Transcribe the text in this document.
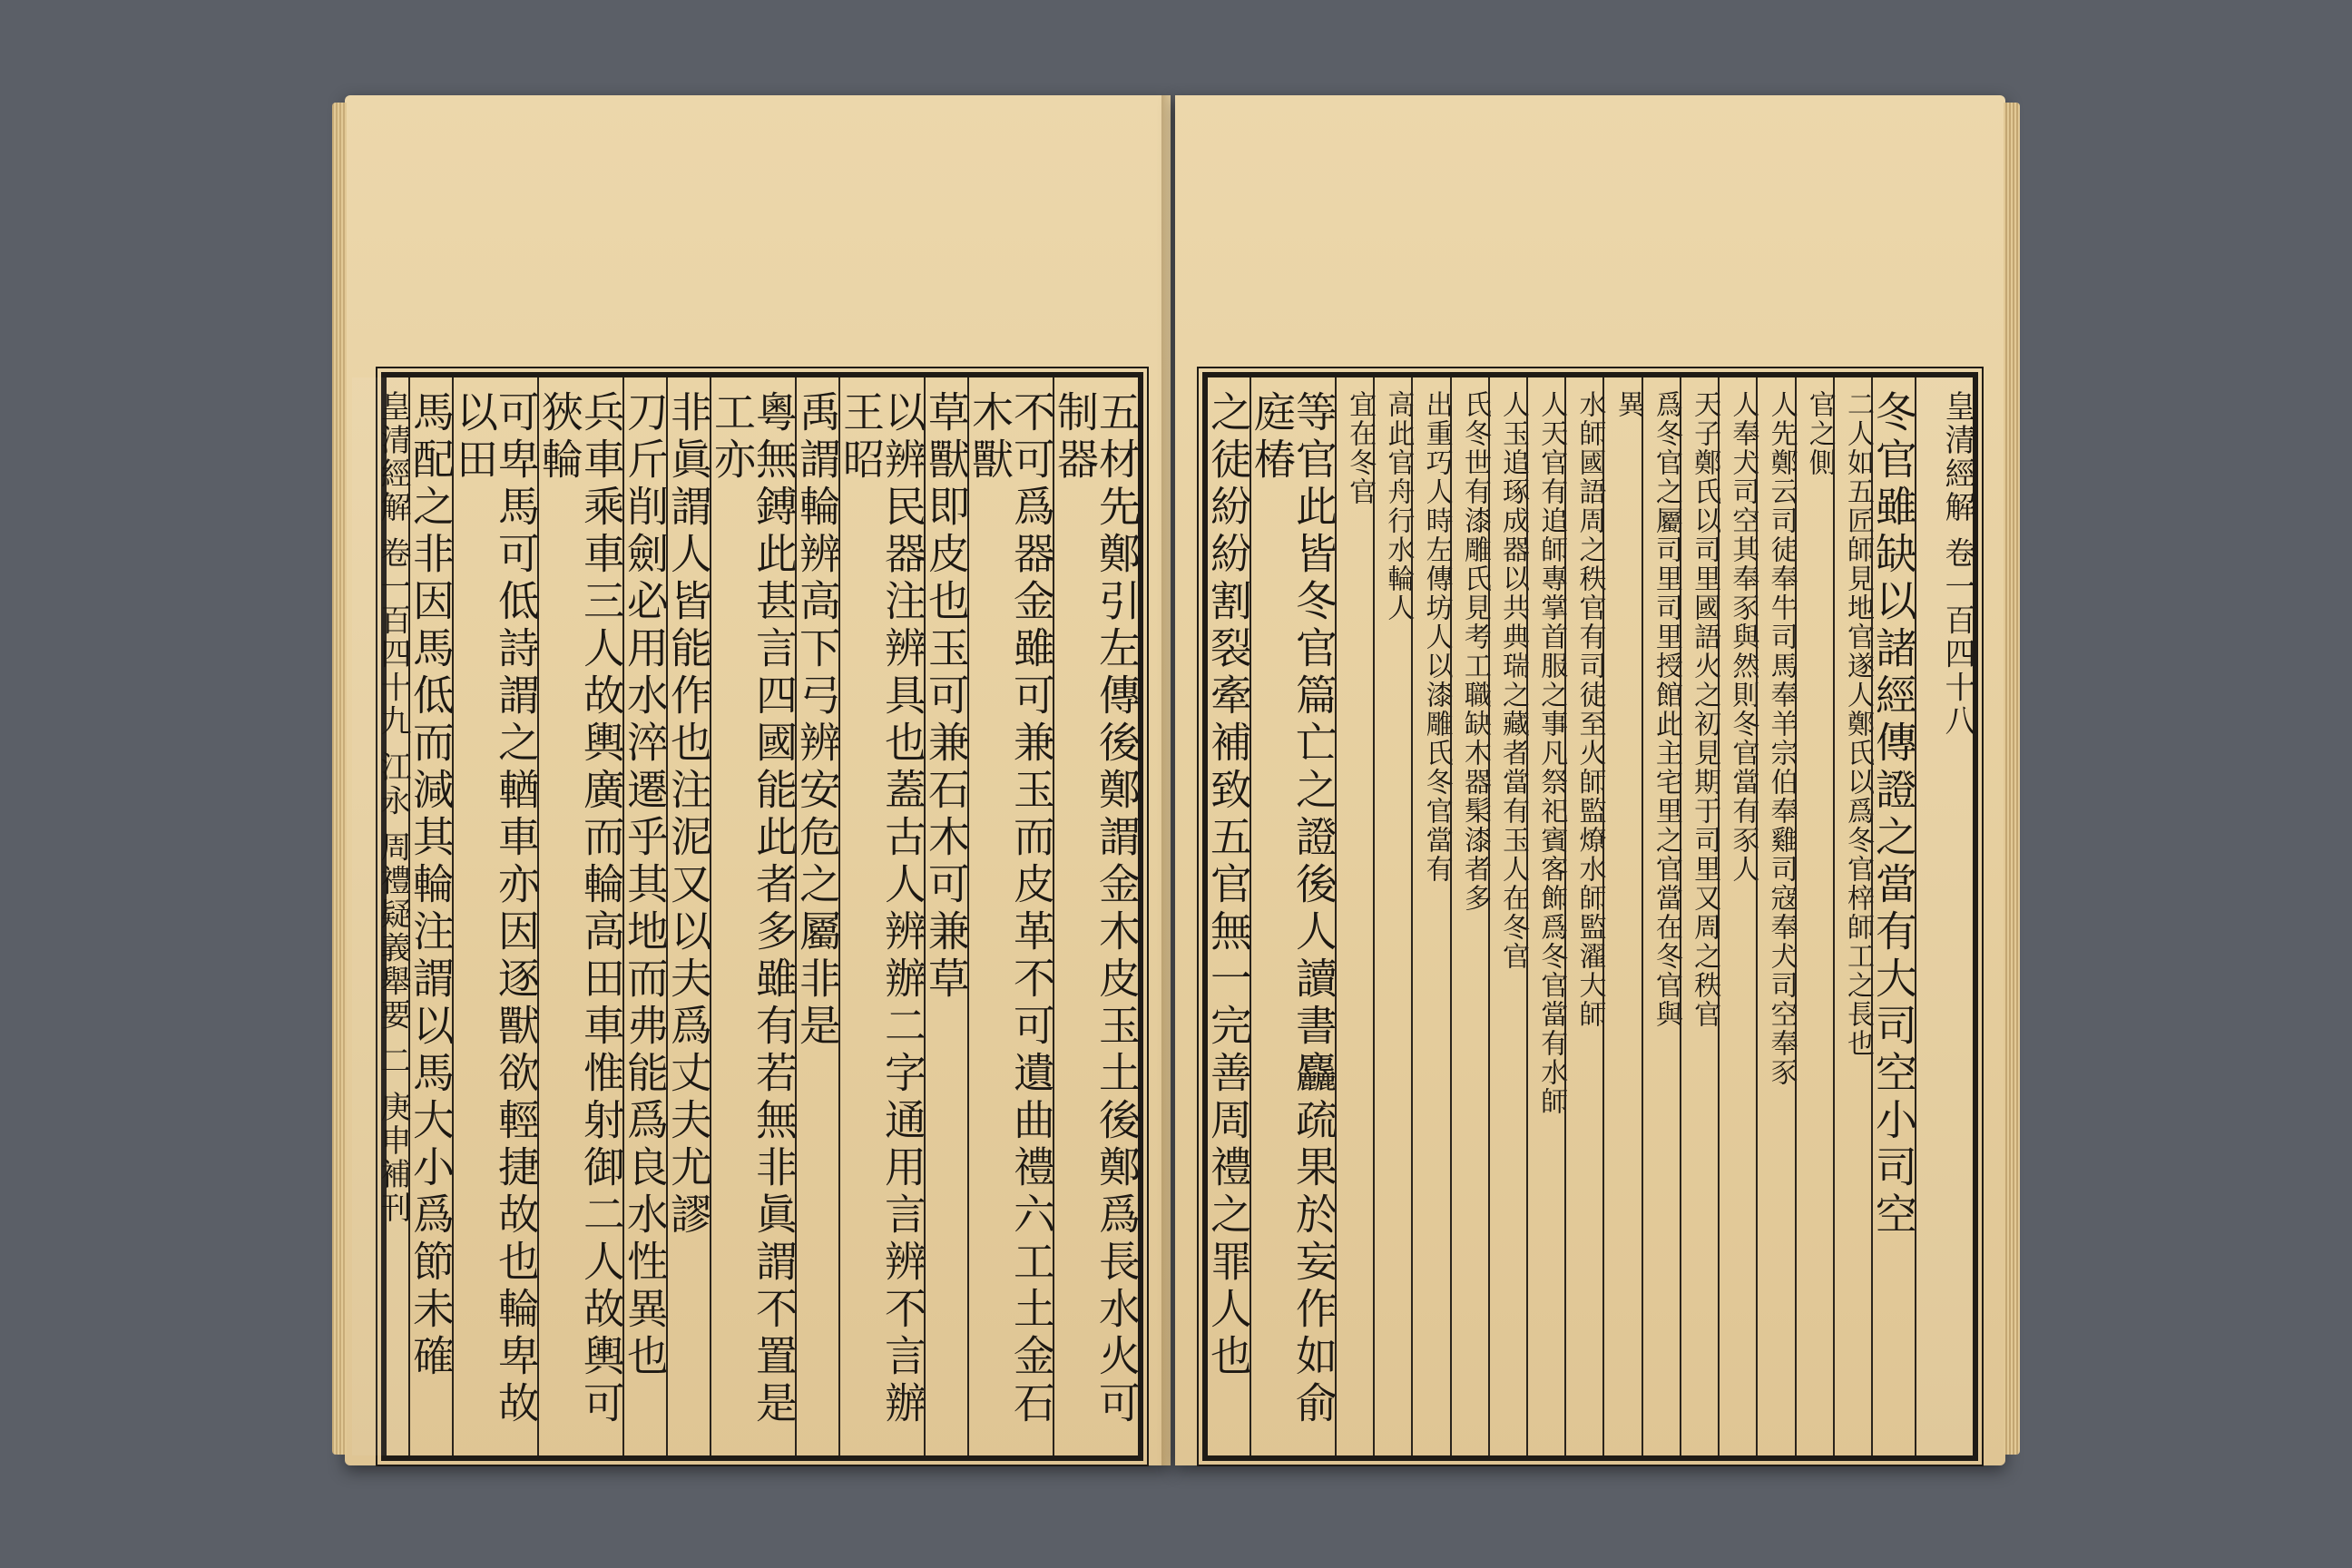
五材先鄭引左傳後鄭謂金木皮玉土後鄭爲長水火可制器
不可爲器金雖可兼玉而皮革不可遺曲禮六工土金石木獸
草獸即皮也玉可兼石木可兼草
以辨民器注辨具也蓋古人辨辦二字通用言辨不言辦王昭
禹謂輪辨高下弓辨安危之屬非是
粵無鎛此甚言四國能此者多雖有若無非眞謂不置是工亦
非眞謂人皆能作也注泥又以夫爲丈夫尤謬
刀斤削劍必用水淬遷乎其地而弗能爲良水性異也
兵車乘車三人故輿廣而輪高田車惟射御二人故輿可狹輪
可卑馬可低詩謂之輶車亦因逐獸欲輕捷故也輪卑故以田
馬配之非因馬低而減其輪注謂以馬大小爲節未確
皇清經解 卷一百四十九 江永 周禮疑義舉要 二 庚申補刊	皇清經解 卷一百四十八
冬官雖缺以諸經傳證之當有大司空小司空
二人如五匠師見地官遂人鄭氏以爲冬官梓師工之長也
官之側
人先鄭云司徒奉牛司馬奉羊宗伯奉雞司寇奉犬司空奉豕
人奉犬司空其奉豕與然則冬官當有豕人
天子鄭氏以司里國語火之初見期于司里又周之秩官
爲冬官之屬司里司里授館此主宅里之官當在冬官與
異
水師國語周之秩官有司徒至火師監燎水師監濯大師
人天官有追師專掌首服之事凡祭祀賓客飾爲冬官當有水師
人玉追琢成器以共典瑞之藏者當有玉人在冬官
氏冬世有漆雕氏見考工職缺木器髤漆者多
出重巧人時左傳坊人以漆雕氏冬官當有
高此官舟行水輪人
宜在冬官
等官此皆冬官篇亡之證後人讀書麤疏果於妄作如俞庭椿
之徒紛紛割裂牽補致五官無一完善周禮之罪人也
